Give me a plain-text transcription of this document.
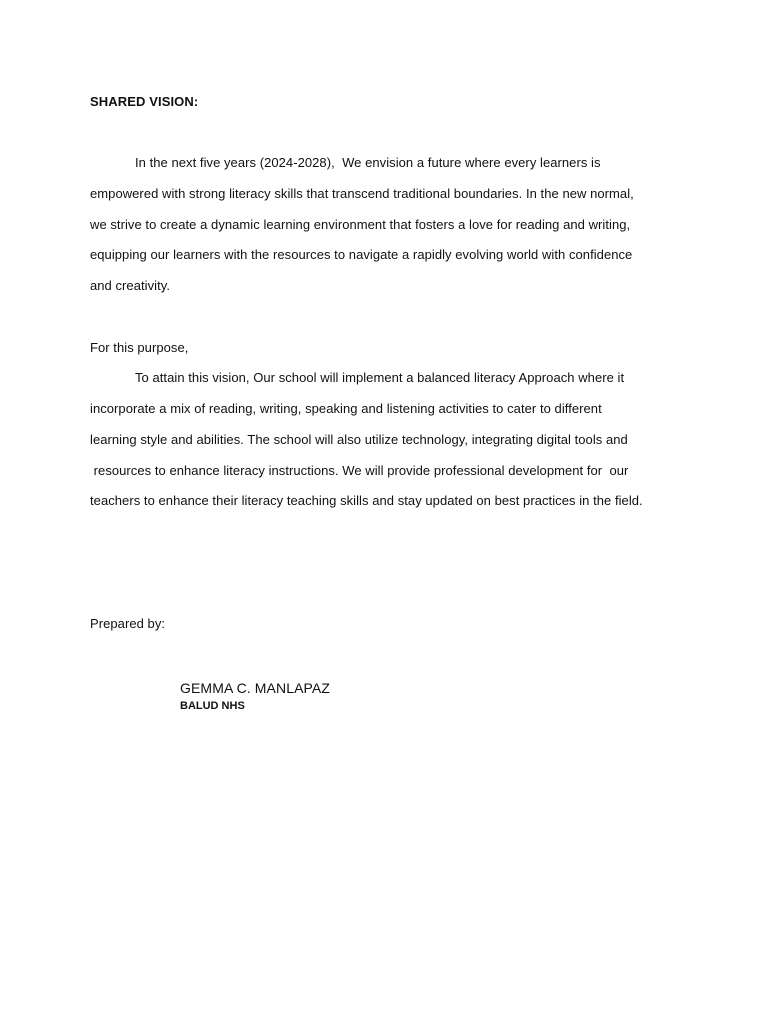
SHARED VISION:
In the next five years (2024-2028),  We envision a future where every learners is
empowered with strong literacy skills that transcend traditional boundaries. In the new normal,
we strive to create a dynamic learning environment that fosters a love for reading and writing,
equipping our learners with the resources to navigate a rapidly evolving world with confidence
and creativity.
For this purpose,
To attain this vision, Our school will implement a balanced literacy Approach where it
incorporate a mix of reading, writing, speaking and listening activities to cater to different
learning style and abilities. The school will also utilize technology, integrating digital tools and
resources to enhance literacy instructions. We will provide professional development for  our
teachers to enhance their literacy teaching skills and stay updated on best practices in the field.
Prepared by:
GEMMA C. MANLAPAZ
BALUD NHS
